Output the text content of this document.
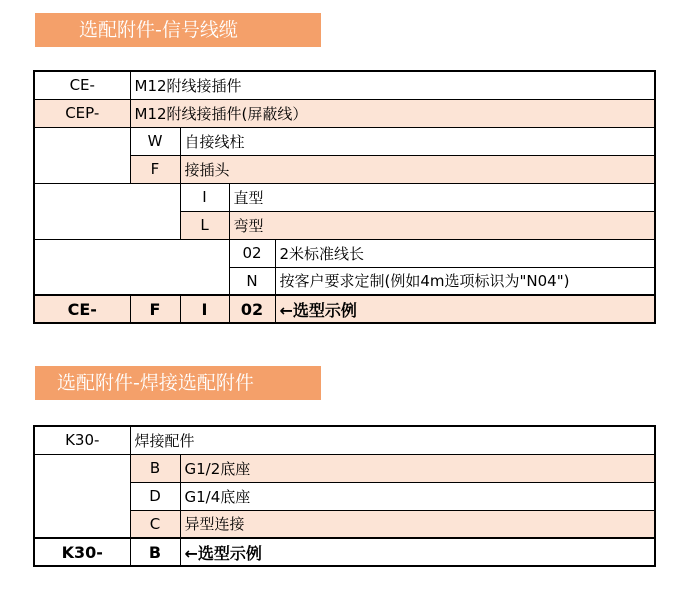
选配附件-信号线缆
CE-	M12附线接插件			
CEP-	M12附线接插件(屏蔽线）			
	W	自接线柱		
	F	接插头		
		I	直型	
		L	弯型	
			02	2米标准线长
			N	按客户要求定制(例如4m选项标识为"N04")
CE-	F	I	02	←选型示例
选配附件-焊接选配附件
K30-	焊接配件	
	B	G1/2底座
	D	G1/4底座
	C	异型连接
K30-	B	←选型示例
